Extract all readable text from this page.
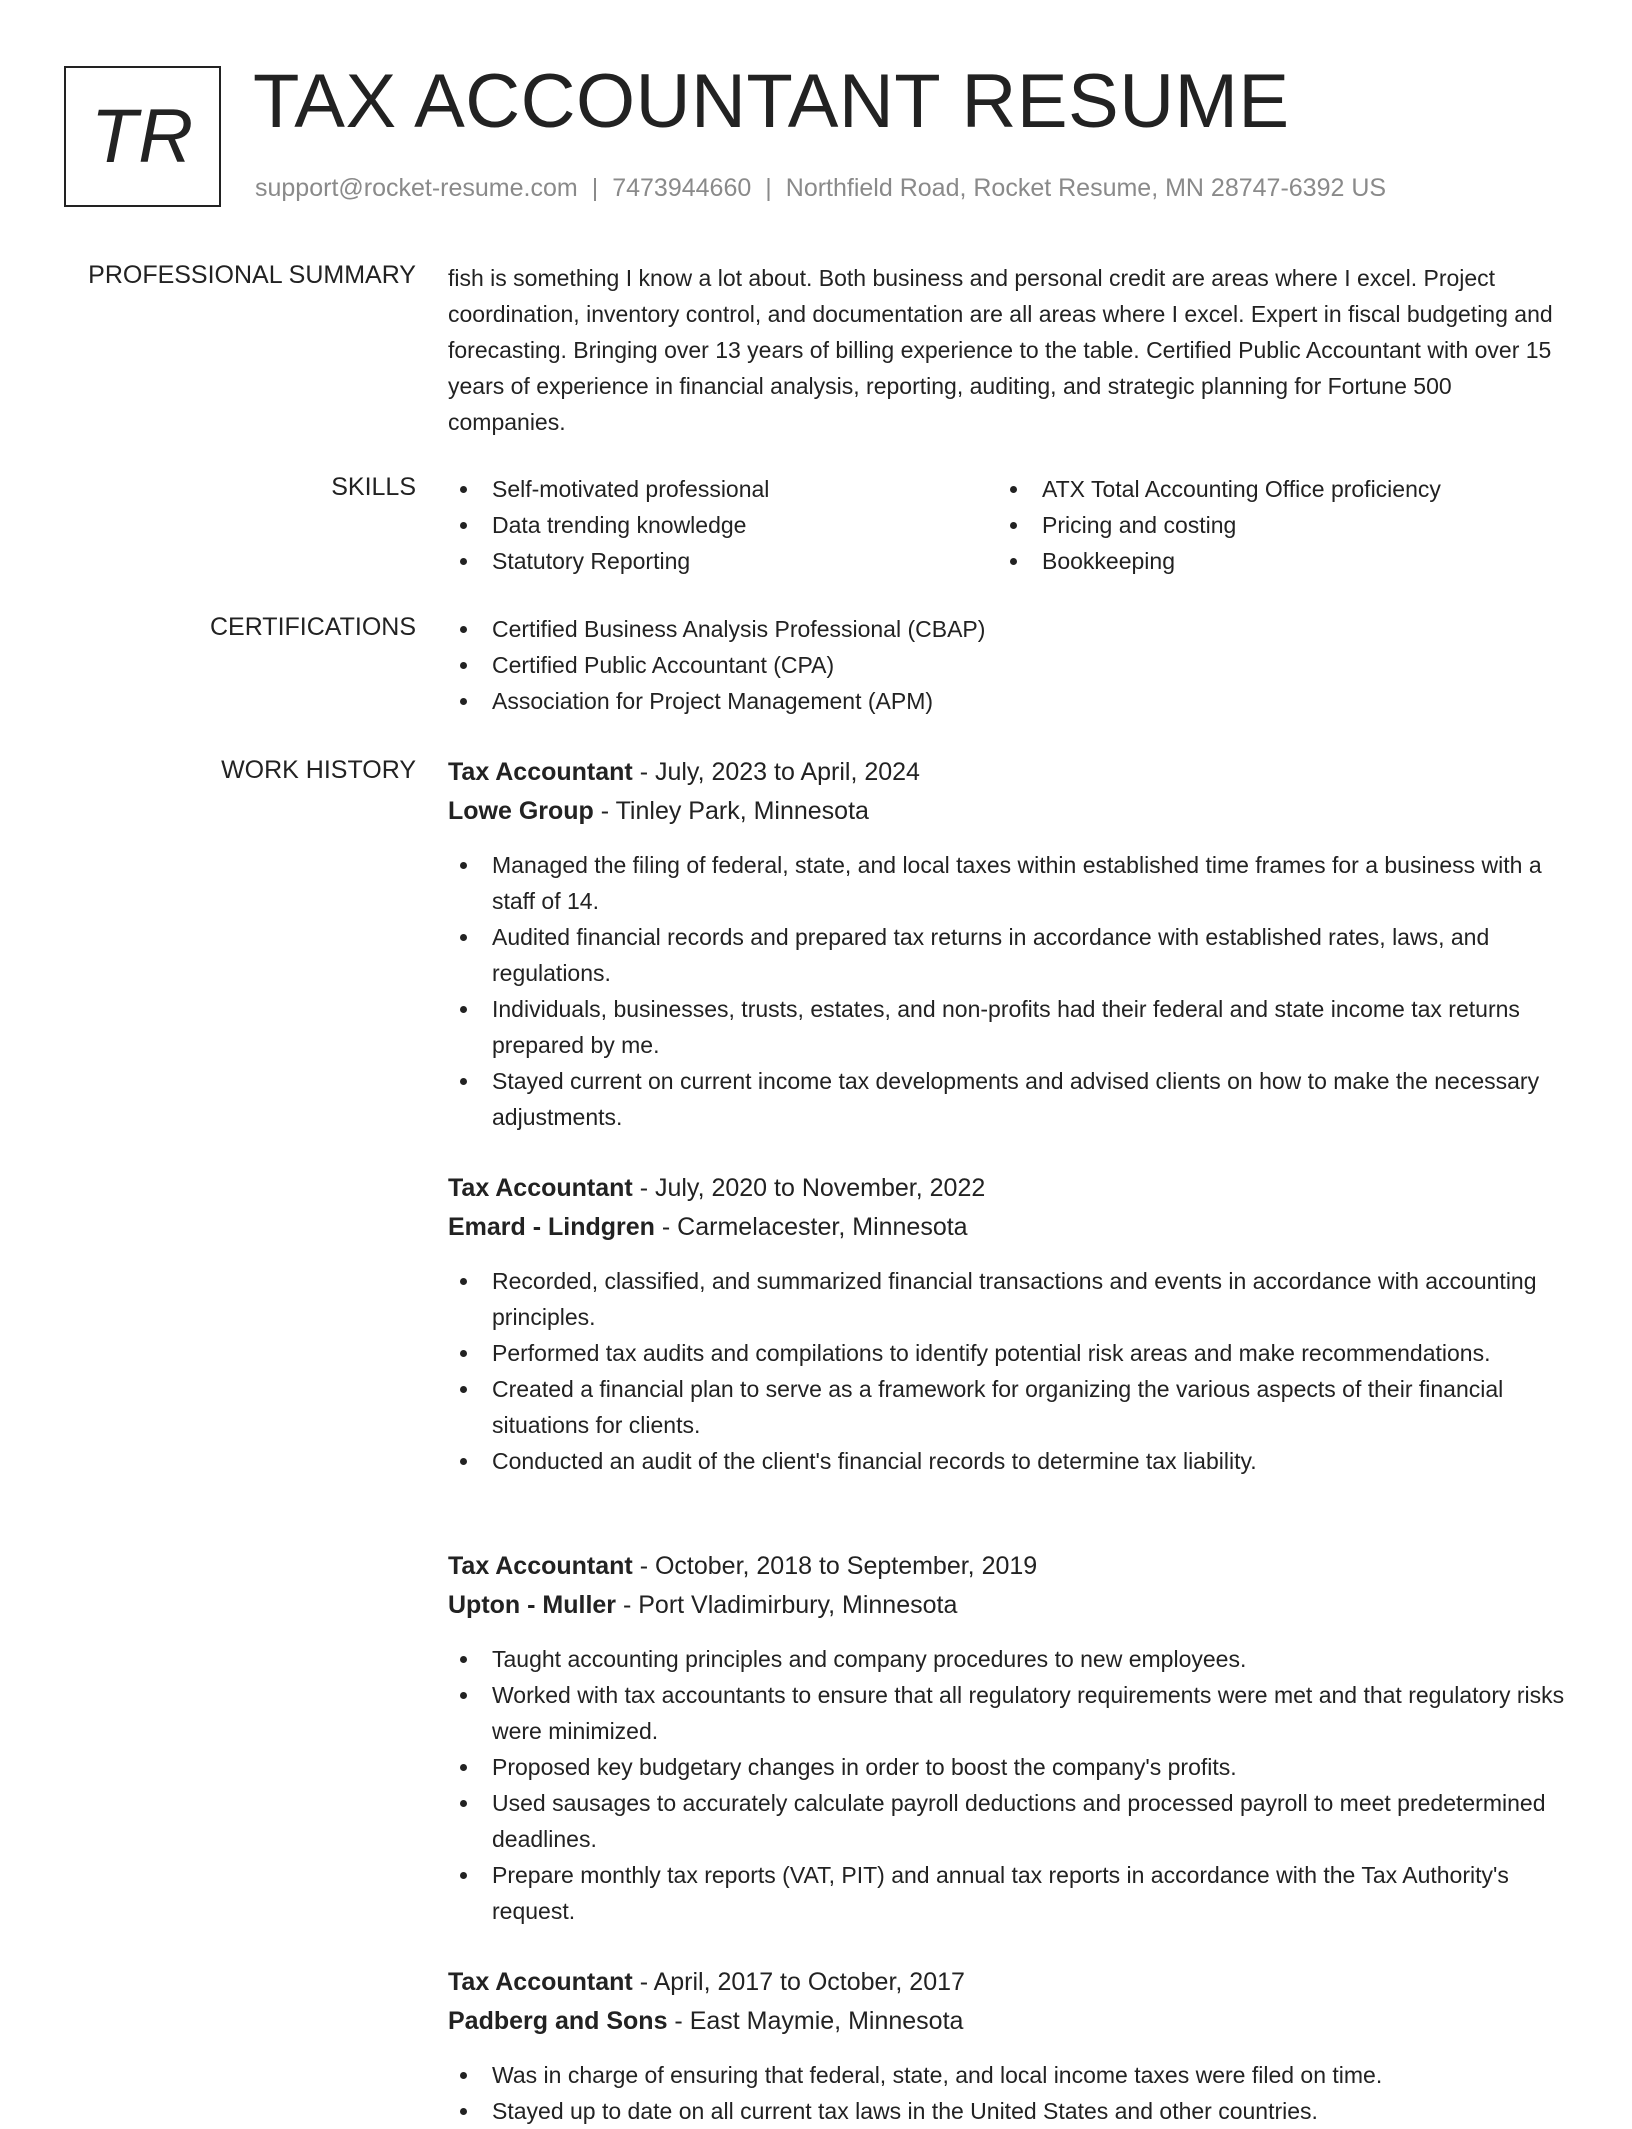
TR TAX ACCOUNTANT RESUME
support@rocket-resume.com | 7473944660 | Northfield Road, Rocket Resume, MN 28747-6392 US
PROFESSIONAL SUMMARY fish is something I know a lot about. Both business and personal credit are areas where I excel. Project coordination, inventory control, and documentation are all areas where I excel. Expert in fiscal budgeting and forecasting. Bringing over 13 years of billing experience to the table. Certified Public Accountant with over 15 years of experience in financial analysis, reporting, auditing, and strategic planning for Fortune 500 companies.

SKILLS	Self-motivated professional
Data trending knowledge
Statutory Reporting
ATX Total Accounting Office proficiency
Pricing and costing
Bookkeeping
CERTIFICATIONS	Certified Business Analysis Professional (CBAP)
Certified Public Accountant (CPA)
Association for Project Management (APM)
WORK HISTORY Tax Accountant - July, 2023 to April, 2024
Lowe Group - Tinley Park, Minnesota
Managed the filing of federal, state, and local taxes within established time frames for a business with a staff of 14.
Audited financial records and prepared tax returns in accordance with established rates, laws, and regulations.
Individuals, businesses, trusts, estates, and non-profits had their federal and state income tax returns prepared by me.
Stayed current on current income tax developments and advised clients on how to make the necessary adjustments.
Tax Accountant - July, 2020 to November, 2022
Emard - Lindgren - Carmelacester, Minnesota
Recorded, classified, and summarized financial transactions and events in accordance with accounting principles.
Performed tax audits and compilations to identify potential risk areas and make recommendations.
Created a financial plan to serve as a framework for organizing the various aspects of their financial situations for clients.
Conducted an audit of the client's financial records to determine tax liability.
Tax Accountant - October, 2018 to September, 2019
Upton - Muller - Port Vladimirbury, Minnesota
Taught accounting principles and company procedures to new employees.
Worked with tax accountants to ensure that all regulatory requirements were met and that regulatory risks were minimized.
Proposed key budgetary changes in order to boost the company's profits.
Used sausages to accurately calculate payroll deductions and processed payroll to meet predetermined deadlines.
Prepare monthly tax reports (VAT, PIT) and annual tax reports in accordance with the Tax Authority's request.
Tax Accountant - April, 2017 to October, 2017
Padberg and Sons - East Maymie, Minnesota
Was in charge of ensuring that federal, state, and local income taxes were filed on time.
Stayed up to date on all current tax laws in the United States and other countries.
